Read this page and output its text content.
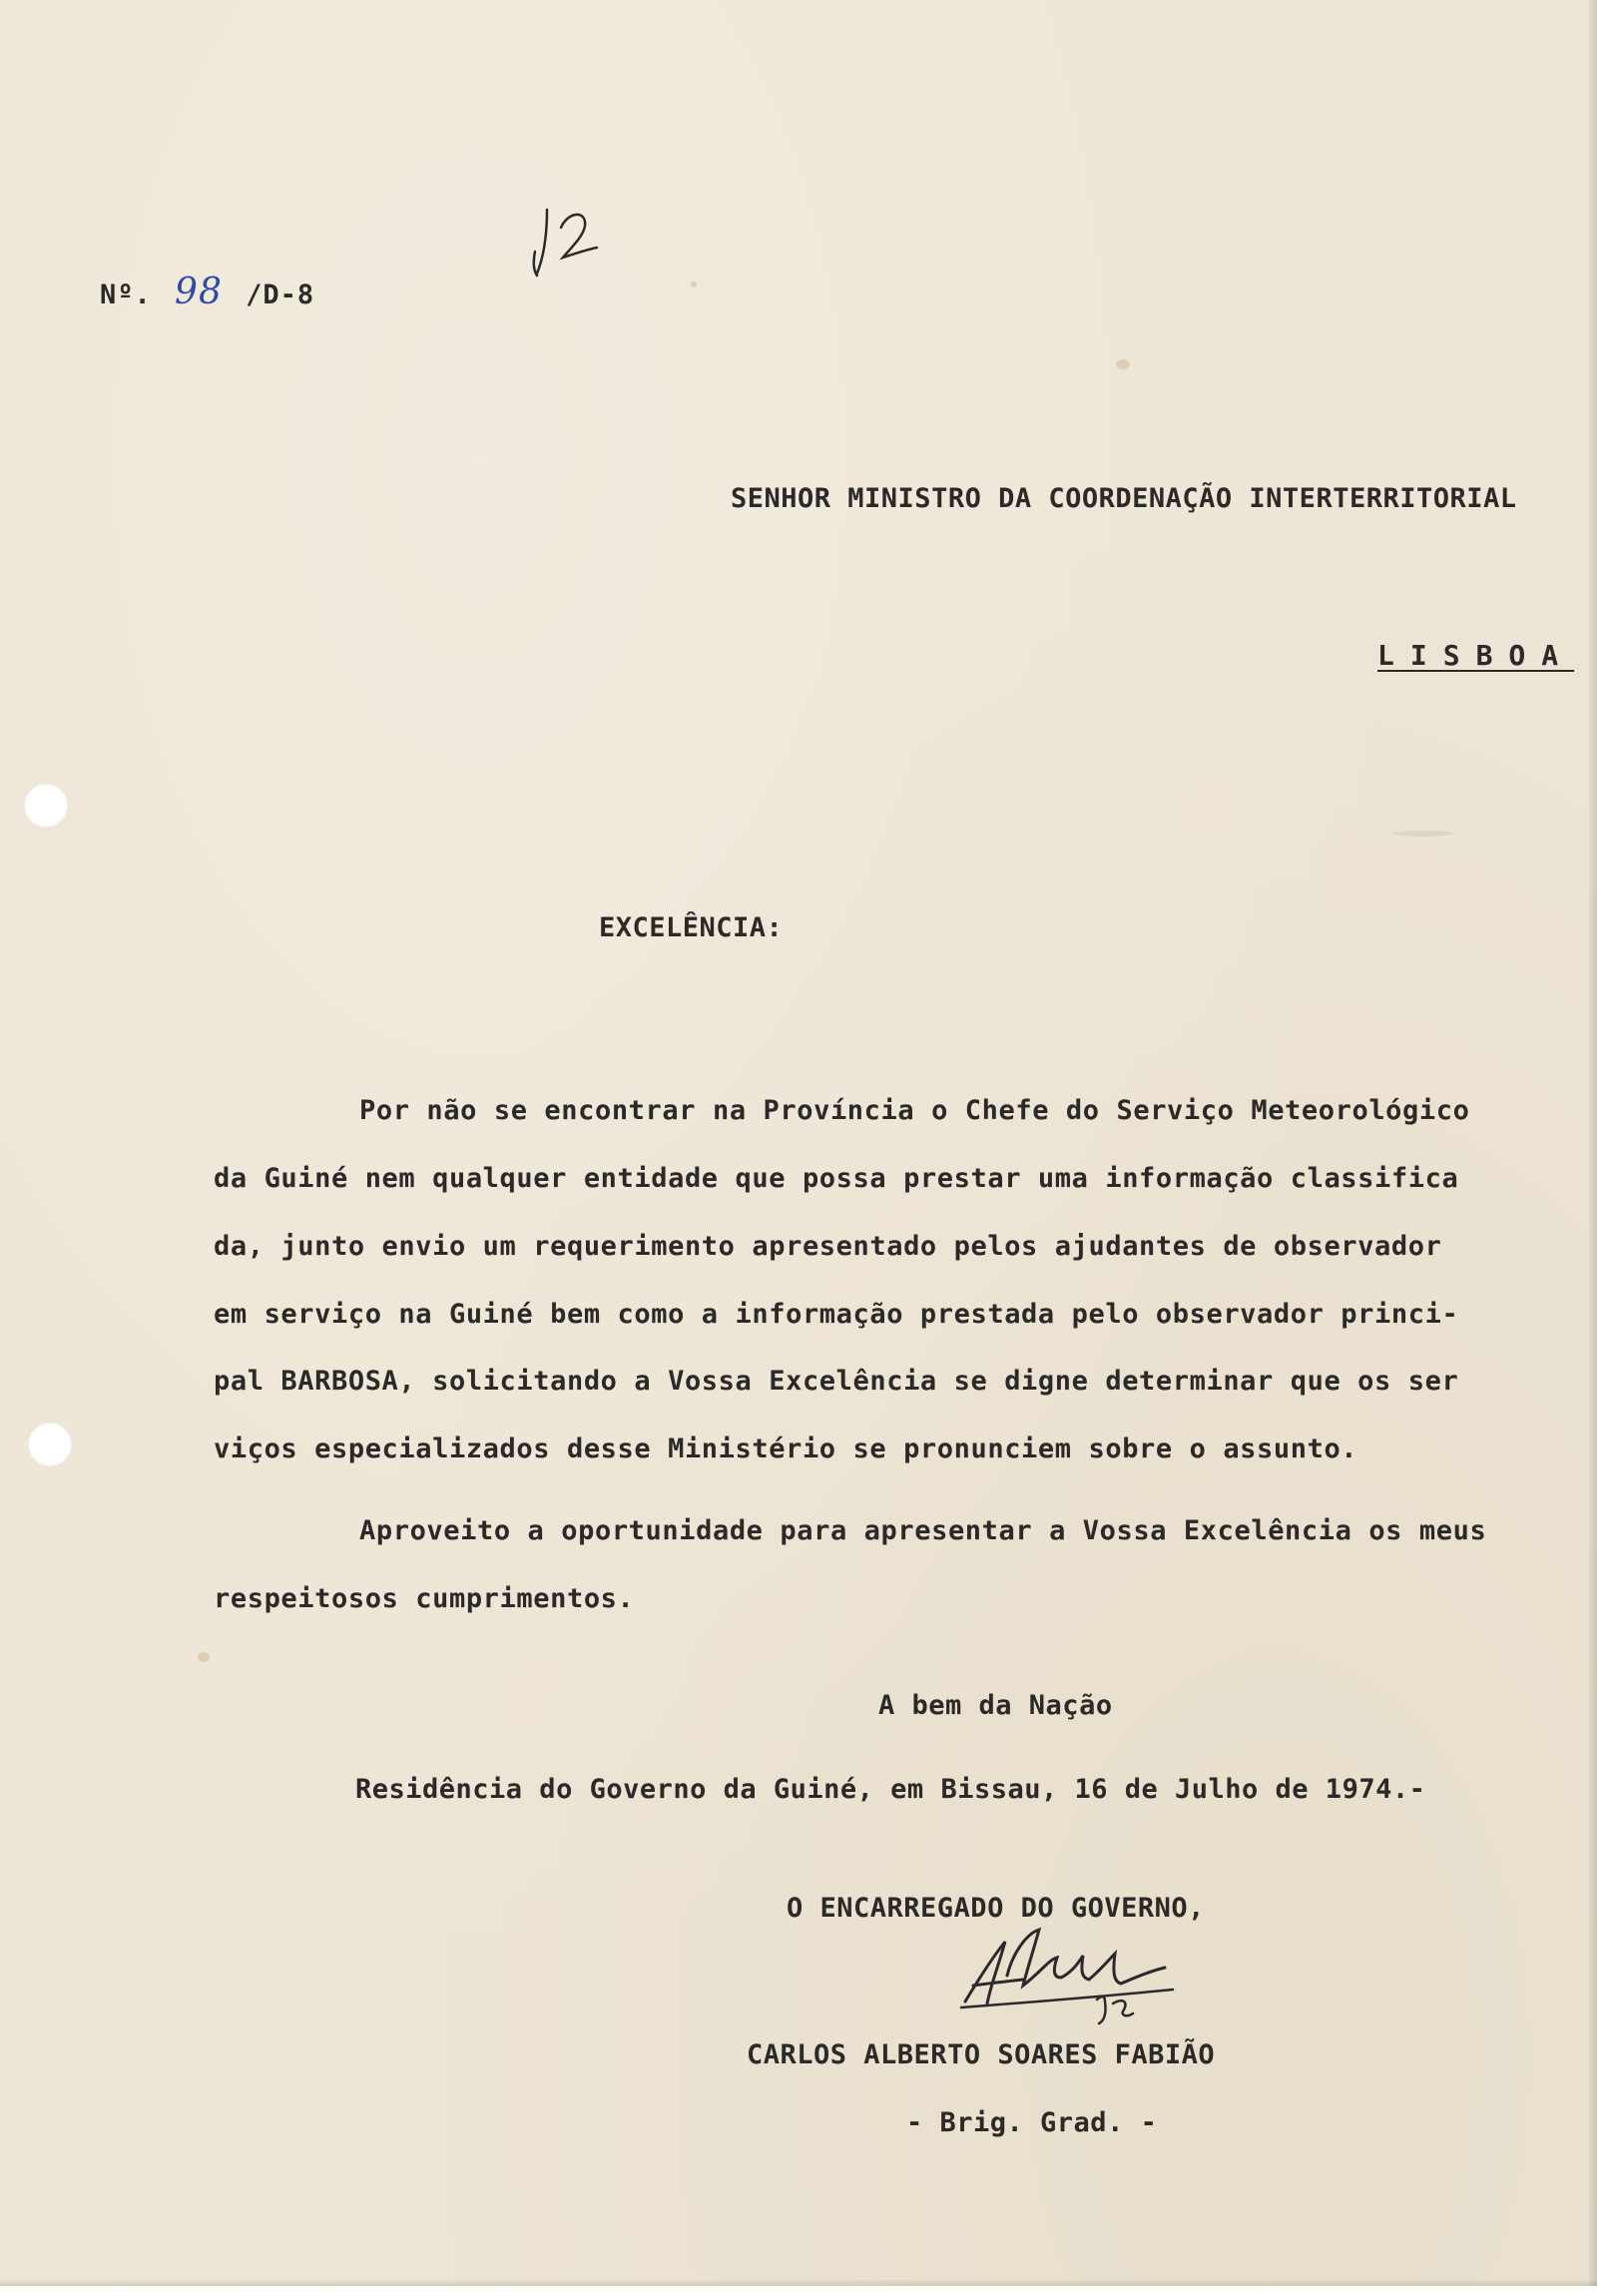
Nº. 98 /D-8
SENHOR MINISTRO DA COORDENAÇÃO INTERTERRITORIAL
LISBOA
EXCELÊNCIA:
Por não se encontrar na Província o Chefe do Serviço Meteorológico
da Guiné nem qualquer entidade que possa prestar uma informação classifica
da, junto envio um requerimento apresentado pelos ajudantes de observador
em serviço na Guiné bem como a informação prestada pelo observador princi-
pal BARBOSA, solicitando a Vossa Excelência se digne determinar que os ser
viços especializados desse Ministério se pronunciem sobre o assunto.
Aproveito a oportunidade para apresentar a Vossa Excelência os meus
respeitosos cumprimentos.
A bem da Nação
Residência do Governo da Guiné, em Bissau, 16 de Julho de 1974.-
O ENCARREGADO DO GOVERNO,
CARLOS ALBERTO SOARES FABIÃO
- Brig. Grad. -
